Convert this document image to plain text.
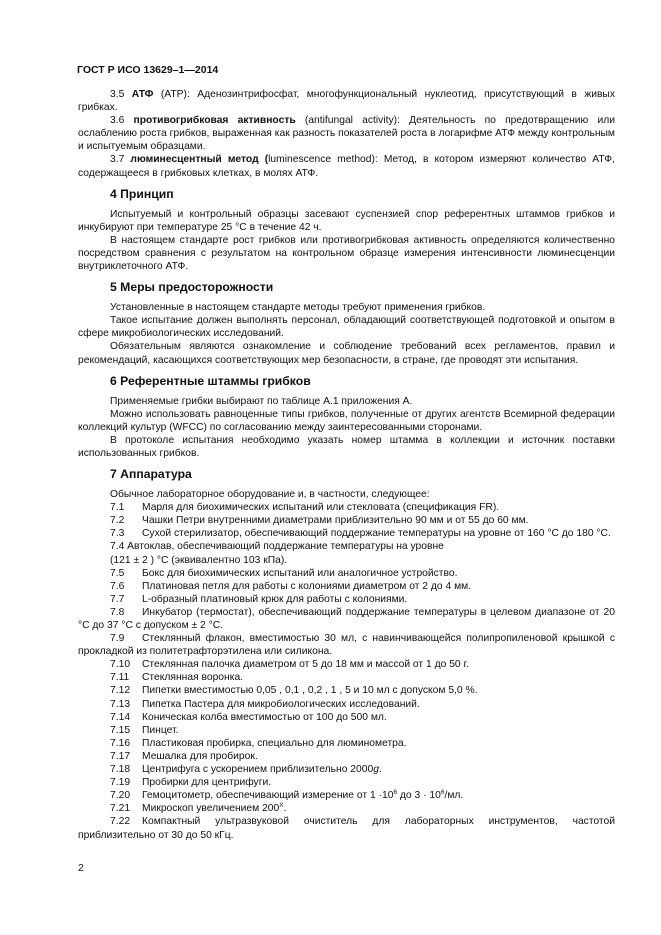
ГОСТ Р ИСО 13629–1—2014

3.5 АТФ (ATP): Аденозинтрифосфат, многофункциональный нуклеотид, присутствующий в живых грибках.

3.6 противогрибковая активность (antifungal activity): Деятельность по предотвращению или ослаблению роста грибков, выраженная как разность показателей роста в логарифме АТФ между контрольным и испытуемым образцами.

3.7 люминесцентный метод (luminescence method): Метод, в котором измеряют количество АТФ, содержащееся в грибковых клетках, в молях АТФ.

4 Принцип

Испытуемый и контрольный образцы засевают суспензией спор референтных штаммов грибков и инкубируют при температуре 25 °С в течение 42 ч.

В настоящем стандарте рост грибков или противогрибковая активность определяются количественно посредством сравнения с результатом на контрольном образце измерения интенсивности люминесценции внутриклеточного АТФ.

5 Меры предосторожности

Установленные в настоящем стандарте методы требуют применения грибков.

Такое испытание должен выполнять персонал, обладающий соответствующей подготовкой и опытом в сфере микробиологических исследований.

Обязательным являются ознакомление и соблюдение требований всех регламентов, правил и рекомендаций, касающихся соответствующих мер безопасности, в стране, где проводят эти испытания.

6 Референтные штаммы грибков

Применяемые грибки выбирают по таблице А.1 приложения А.

Можно использовать равноценные типы грибков, полученные от других агентств Всемирной федерации коллекций культур (WFCC) по согласованию между заинтересованными сторонами.

В протоколе испытания необходимо указать номер штамма в коллекции и источник поставки использованных грибков.

7 Аппаратура

Обычное лабораторное оборудование и, в частности, следующее:

7.1 Марля для биохимических испытаний или стекловата (спецификация FR).

7.2 Чашки Петри внутренними диаметрами приблизительно 90 мм и от 55 до 60 мм.

7.3 Сухой стерилизатор, обеспечивающий поддержание температуры на уровне от 160 °С до 180 °С.

7.4 Автоклав, обеспечивающий поддержание температуры на уровне

(121 ± 2 ) °С (эквивалентно 103 кПа).

7.5 Бокс для биохимических испытаний или аналогичное устройство.

7.6 Платиновая петля для работы с колониями диаметром от 2 до 4 мм.

7.7 L-образный платиновый крюк для работы с колониями.

7.8 Инкубатор (термостат), обеспечивающий поддержание температуры в целевом диапазоне от 20 °С до 37 °С с допуском ± 2 °С.

7.9 Стеклянный флакон, вместимостью 30 мл, с навинчивающейся полипропиленовой крышкой с прокладкой из политетрафторэтилена или силикона.

7.10 Стеклянная палочка диаметром от 5 до 18 мм и массой от 1 до 50 г.

7.11 Стеклянная воронка.

7.12 Пипетки вместимостью 0,05 , 0,1 , 0,2 , 1 , 5 и 10 мл с допуском 5,0 %.

7.13 Пипетка Пастера для микробиологических исследований.

7.14 Коническая колба вместимостью от 100 до 500 мл.

7.15 Пинцет.

7.16 Пластиковая пробирка, специально для люминометра.

7.17 Мешалка для пробирок.

7.18 Центрифуга с ускорением приблизительно 2000g.

7.19 Пробирки для центрифуги.

7.20 Гемоцитометр, обеспечивающий измерение от $1 \cdot 10^6$ до $3 \cdot 10^6/мл$.

7.21 Микроскоп увеличением $200^X$.

7.22 Компактный ультразвуковой очиститель для лабораторных инструментов, частотой приблизительно от 30 до 50 кГц.

2
